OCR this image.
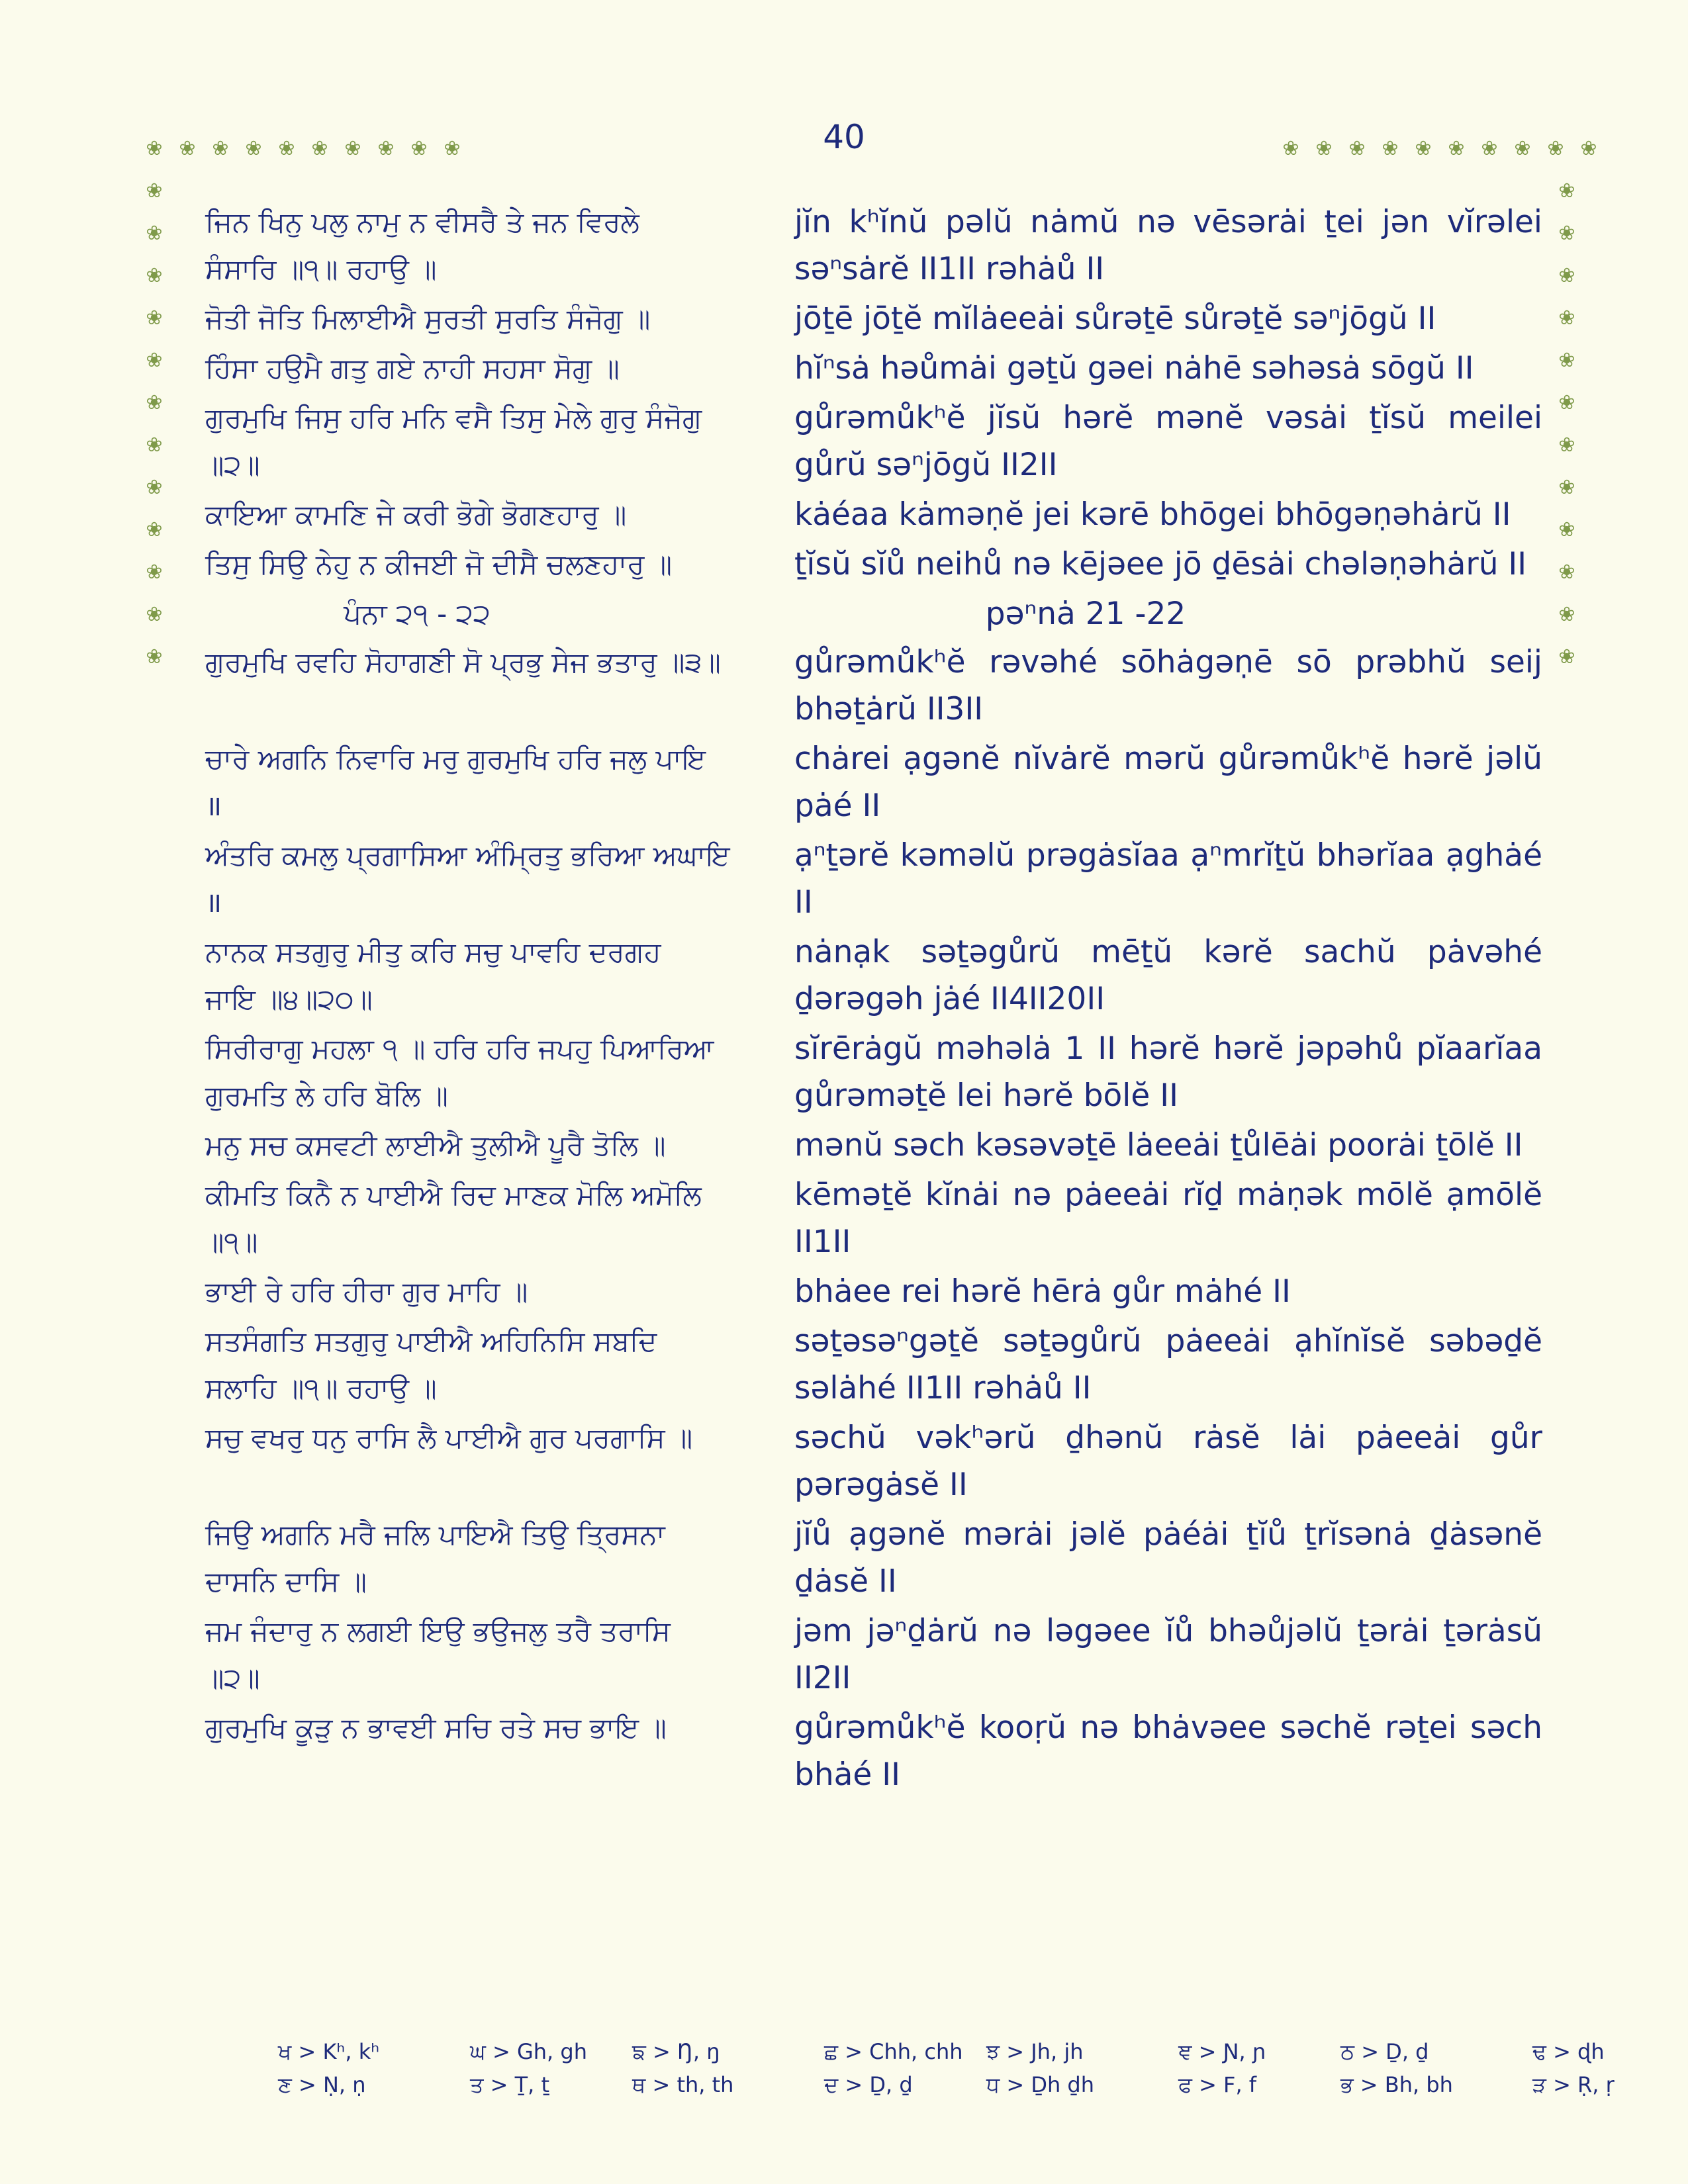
40
❀ ❀ ❀ ❀ ❀ ❀ ❀ ❀ ❀ ❀	❀ ❀ ❀ ❀ ❀ ❀ ❀ ❀ ❀ ❀
❀
❀
❀
❀
❀
❀
❀
❀
❀
❀
❀
❀
❀
❀
❀
❀
❀
❀
❀
❀
❀
❀
❀
❀
ਜਿਨ ਖਿਨੁ ਪਲੁ ਨਾਮੁ ਨ ਵੀਸਰੈ ਤੇ ਜਨ ਵਿਰਲੇ
ਸੰਸਾਰਿ ॥੧॥ ਰਹਾਉ ॥
jĭn kʰĭnŭ pəlŭ nȧmŭ nə vēsərȧi ṯei jən vĭrəlei səⁿsȧrĕ II1II rəhȧů II
ਜੋਤੀ ਜੋਤਿ ਮਿਲਾਈਐ ਸੁਰਤੀ ਸੁਰਤਿ ਸੰਜੋਗੁ ॥	jōṯē jōṯĕ mĭlȧeeȧi sůrəṯē sůrəṯĕ səⁿjōgŭ II
ਹਿੰਸਾ ਹਉਮੈ ਗਤੁ ਗਏ ਨਾਹੀ ਸਹਸਾ ਸੋਗੁ ॥	hĭⁿsȧ həůmȧi gəṯŭ gəei nȧhē səhəsȧ sōgŭ II
ਗੁਰਮੁਖਿ ਜਿਸੁ ਹਰਿ ਮਨਿ ਵਸੈ ਤਿਸੁ ਮੇਲੇ ਗੁਰੁ ਸੰਜੋਗੁ
॥੨॥
gůrəmůkʰĕ jĭsŭ hərĕ mənĕ vəsȧi ṯĭsŭ meilei gůrŭ səⁿjōgŭ II2II
ਕਾਇਆ ਕਾਮਣਿ ਜੇ ਕਰੀ ਭੋਗੇ ਭੋਗਣਹਾਰੁ ॥	kȧéaa kȧməṇĕ jei kərē bhōgei bhōgəṇəhȧrŭ II
ਤਿਸੁ ਸਿਉ ਨੇਹੁ ਨ ਕੀਜਈ ਜੋ ਦੀਸੈ ਚਲਣਹਾਰੁ ॥	ṯĭsŭ sĭů neihů nə kējəee jō ḏēsȧi chələṇəhȧrŭ II
ਪੰਨਾ ੨੧ - ੨੨	pəⁿnȧ 21 -22
ਗੁਰਮੁਖਿ ਰਵਹਿ ਸੋਹਾਗਣੀ ਸੋ ਪ੍ਰਭੁ ਸੇਜ ਭਤਾਰੁ ॥੩॥	gůrəmůkʰĕ rəvəhé sōhȧgəṇē sō prəbhŭ seij bhəṯȧrŭ II3II
ਚਾਰੇ ਅਗਨਿ ਨਿਵਾਰਿ ਮਰੁ ਗੁਰਮੁਖਿ ਹਰਿ ਜਲੁ ਪਾਇ
॥
chȧrei ạgənĕ nĭvȧrĕ mərŭ gůrəmůkʰĕ hərĕ jəlŭ pȧé II
ਅੰਤਰਿ ਕਮਲੁ ਪ੍ਰਗਾਸਿਆ ਅੰਮ੍ਰਿਤੁ ਭਰਿਆ ਅਘਾਇ
॥
ạⁿṯərĕ kəməlŭ prəgȧsĭaa ạⁿmrĭṯŭ bhərĭaa ạghȧé II
ਨਾਨਕ ਸਤਗੁਰੁ ਮੀਤੁ ਕਰਿ ਸਚੁ ਪਾਵਹਿ ਦਰਗਹ
ਜਾਇ ॥੪॥੨੦॥
nȧnạk səṯəgůrŭ mēṯŭ kərĕ sachŭ pȧvəhé ḏərəgəh jȧé II4II20II
ਸਿਰੀਰਾਗੁ ਮਹਲਾ ੧ ॥ ਹਰਿ ਹਰਿ ਜਪਹੁ ਪਿਆਰਿਆ
ਗੁਰਮਤਿ ਲੇ ਹਰਿ ਬੋਲਿ ॥
sĭrērȧgŭ məhəlȧ 1 II hərĕ hərĕ jəpəhů pĭaarĭaa gůrəməṯĕ lei hərĕ bōlĕ II
ਮਨੁ ਸਚ ਕਸਵਟੀ ਲਾਈਐ ਤੁਲੀਐ ਪੂਰੈ ਤੋਲਿ ॥	mənŭ səch kəsəvəṯē lȧeeȧi ṯůlēȧi poorȧi ṯōlĕ II
ਕੀਮਤਿ ਕਿਨੈ ਨ ਪਾਈਐ ਰਿਦ ਮਾਣਕ ਮੋਲਿ ਅਮੋਲਿ
॥੧॥
kēməṯĕ kĭnȧi nə pȧeeȧi rĭḏ mȧṇək mōlĕ ạmōlĕ II1II
ਭਾਈ ਰੇ ਹਰਿ ਹੀਰਾ ਗੁਰ ਮਾਹਿ ॥	bhȧee rei hərĕ hērȧ gůr mȧhé II
ਸਤਸੰਗਤਿ ਸਤਗੁਰੁ ਪਾਈਐ ਅਹਿਨਿਸਿ ਸਬਦਿ
ਸਲਾਹਿ ॥੧॥ ਰਹਾਉ ॥
səṯəsəⁿgəṯĕ səṯəgůrŭ pȧeeȧi ạhĭnĭsĕ səbəḏĕ səlȧhé II1II rəhȧů II
ਸਚੁ ਵਖਰੁ ਧਨੁ ਰਾਸਿ ਲੈ ਪਾਈਐ ਗੁਰ ਪਰਗਾਸਿ ॥	səchŭ vəkʰərŭ ḏhənŭ rȧsĕ lȧi pȧeeȧi gůr pərəgȧsĕ II
ਜਿਉ ਅਗਨਿ ਮਰੈ ਜਲਿ ਪਾਇਐ ਤਿਉ ਤ੍ਰਿਸਨਾ
ਦਾਸਨਿ ਦਾਸਿ ॥
jĭů ạgənĕ mərȧi jəlĕ pȧéȧi ṯĭů ṯrĭsənȧ ḏȧsənĕ ḏȧsĕ II
ਜਮ ਜੰਦਾਰੁ ਨ ਲਗਈ ਇਉ ਭਉਜਲੁ ਤਰੈ ਤਰਾਸਿ
॥੨॥
jəm jəⁿḏȧrŭ nə ləgəee ĭů bhəůjəlŭ ṯərȧi ṯərȧsŭ II2II
ਗੁਰਮੁਖਿ ਕੂੜੁ ਨ ਭਾਵਈ ਸਚਿ ਰਤੇ ਸਚ ਭਾਇ ॥	gůrəmůkʰĕ kooṛŭ nə bhȧvəee səchĕ rəṯei səch bhȧé II
ਖ > Kʰ, kʰ	ਘ > Gh, gh	ਙ > Ŋ, ŋ	ਛ > Chh, chh	ਝ > Jh, jh	ਞ > Ɲ, ɲ	ਠ > Ḏ, ḏ	ਢ > ɖh
ਣ > Ṇ, ṇ	ਤ > Ṯ, ṯ	ਥ > th, th	ਦ > Ḏ, ḏ	ਧ > Ḏh ḏh	ਫ > F, f	ਭ > Bh, bh	ੜ > Ṛ, ṛ
